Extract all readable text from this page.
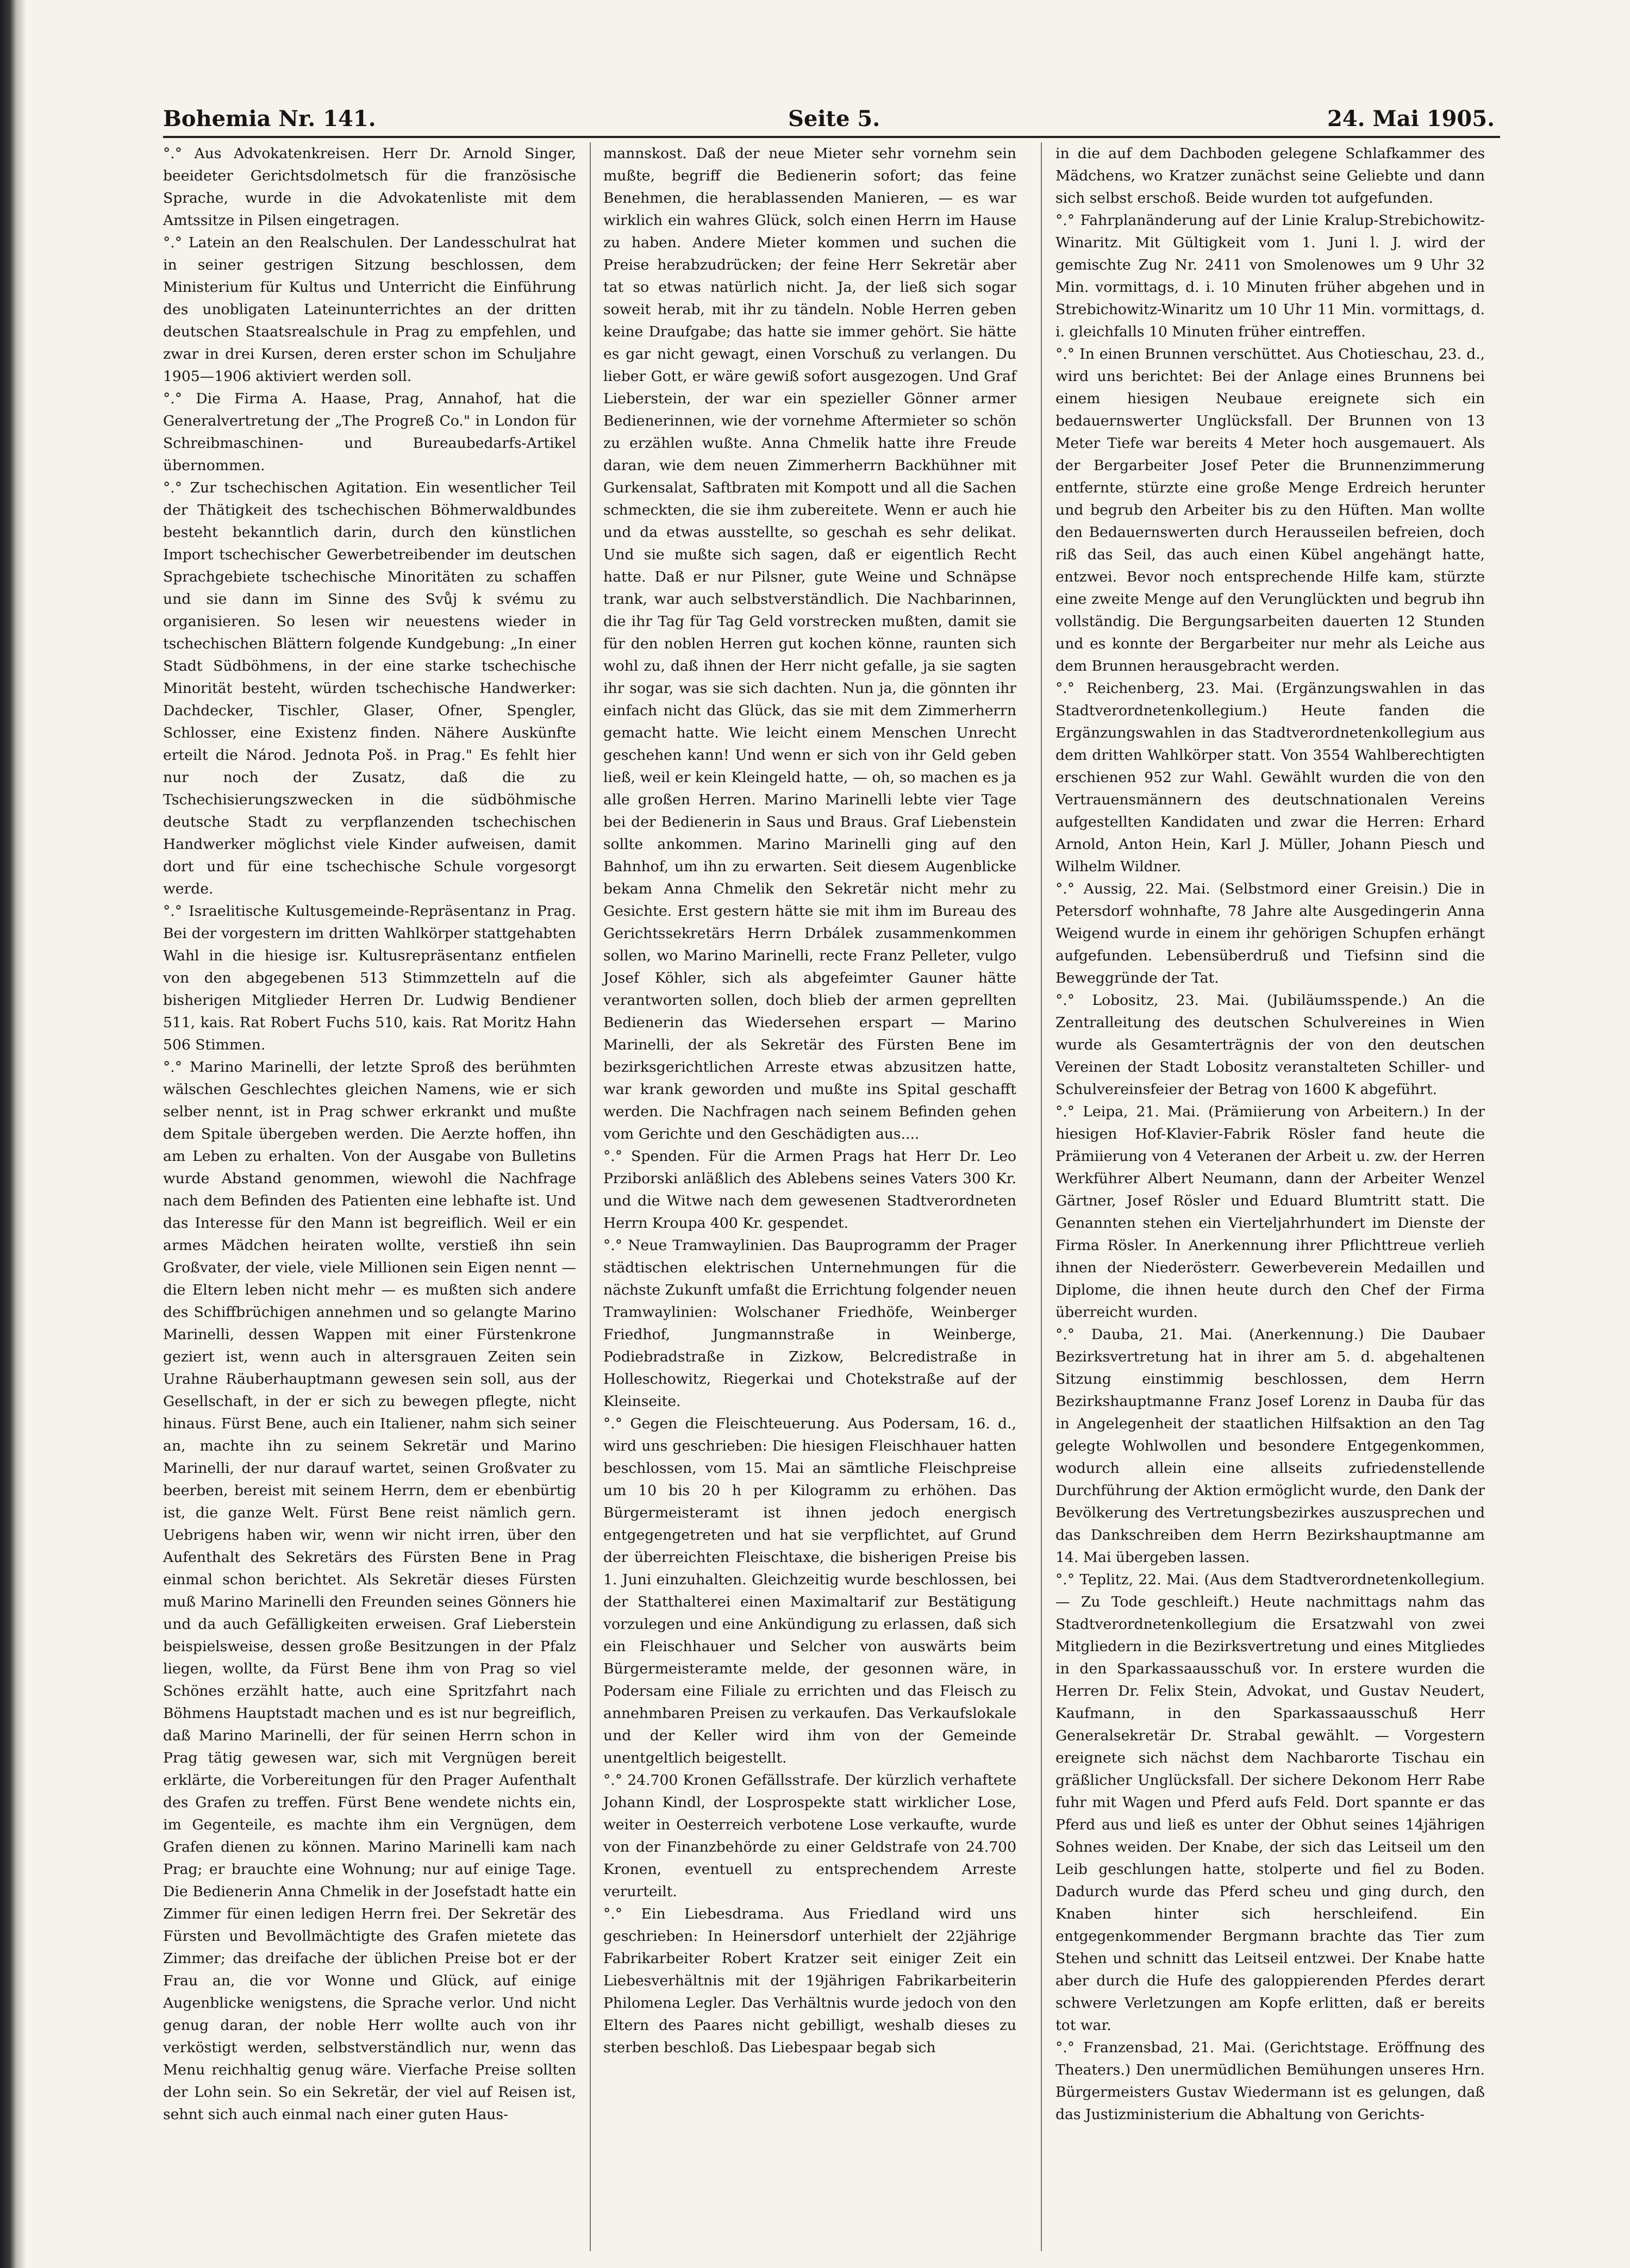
Bohemia Nr. 141.	Seite 5.	24. Mai 1905.

°.° Aus Advokatenkreisen. Herr Dr. Arnold Singer, beeideter Gerichtsdolmetsch für die französische Sprache, wurde in die Advokatenliste mit dem Amtssitze in Pilsen eingetragen.

°.° Latein an den Realschulen. Der Landesschulrat hat in seiner gestrigen Sitzung beschlossen, dem Ministerium für Kultus und Unterricht die Einführung des unobligaten Lateinunterrichtes an der dritten deutschen Staatsrealschule in Prag zu empfehlen, und zwar in drei Kursen, deren erster schon im Schuljahre 1905—1906 aktiviert werden soll.

°.° Die Firma A. Haase, Prag, Annahof, hat die Generalvertretung der „The Progreß Co." in London für Schreibmaschinen- und Bureaubedarfs-Artikel übernommen.

°.° Zur tschechischen Agitation. Ein wesentlicher Teil der Thätigkeit des tschechischen Böhmerwaldbundes besteht bekanntlich darin, durch den künstlichen Import tschechischer Gewerbetreibender im deutschen Sprachgebiete tschechische Minoritäten zu schaffen und sie dann im Sinne des Svůj k svému zu organisieren. So lesen wir neuestens wieder in tschechischen Blättern folgende Kundgebung: „In einer Stadt Südböhmens, in der eine starke tschechische Minorität besteht, würden tschechische Handwerker: Dachdecker, Tischler, Glaser, Ofner, Spengler, Schlosser, eine Existenz finden. Nähere Auskünfte erteilt die Národ. Jednota Poš. in Prag." Es fehlt hier nur noch der Zusatz, daß die zu Tschechisierungszwecken in die südböhmische deutsche Stadt zu verpflanzenden tschechischen Handwerker möglichst viele Kinder aufweisen, damit dort und für eine tschechische Schule vorgesorgt werde.

°.° Israelitische Kultusgemeinde-Repräsentanz in Prag. Bei der vorgestern im dritten Wahlkörper stattgehabten Wahl in die hiesige isr. Kultusrepräsentanz entfielen von den abgegebenen 513 Stimmzetteln auf die bisherigen Mitglieder Herren Dr. Ludwig Bendiener 511, kais. Rat Robert Fuchs 510, kais. Rat Moritz Hahn 506 Stimmen.

°.° Marino Marinelli, der letzte Sproß des berühmten wälschen Geschlechtes gleichen Namens, wie er sich selber nennt, ist in Prag schwer erkrankt und mußte dem Spitale übergeben werden. Die Aerzte hoffen, ihn am Leben zu erhalten. Von der Ausgabe von Bulletins wurde Abstand genommen, wiewohl die Nachfrage nach dem Befinden des Patienten eine lebhafte ist. Und das Interesse für den Mann ist begreiflich. Weil er ein armes Mädchen heiraten wollte, verstieß ihn sein Großvater, der viele, viele Millionen sein Eigen nennt — die Eltern leben nicht mehr — es mußten sich andere des Schiffbrüchigen annehmen und so gelangte Marino Marinelli, dessen Wappen mit einer Fürstenkrone geziert ist, wenn auch in altersgrauen Zeiten sein Urahne Räuberhauptmann gewesen sein soll, aus der Gesellschaft, in der er sich zu bewegen pflegte, nicht hinaus. Fürst Bene, auch ein Italiener, nahm sich seiner an, machte ihn zu seinem Sekretär und Marino Marinelli, der nur darauf wartet, seinen Großvater zu beerben, bereist mit seinem Herrn, dem er ebenbürtig ist, die ganze Welt. Fürst Bene reist nämlich gern. Uebrigens haben wir, wenn wir nicht irren, über den Aufenthalt des Sekretärs des Fürsten Bene in Prag einmal schon berichtet. Als Sekretär dieses Fürsten muß Marino Marinelli den Freunden seines Gönners hie und da auch Gefälligkeiten erweisen. Graf Lieberstein beispielsweise, dessen große Besitzungen in der Pfalz liegen, wollte, da Fürst Bene ihm von Prag so viel Schönes erzählt hatte, auch eine Spritzfahrt nach Böhmens Hauptstadt machen und es ist nur begreiflich, daß Marino Marinelli, der für seinen Herrn schon in Prag tätig gewesen war, sich mit Vergnügen bereit erklärte, die Vorbereitungen für den Prager Aufenthalt des Grafen zu treffen. Fürst Bene wendete nichts ein, im Gegenteile, es machte ihm ein Vergnügen, dem Grafen dienen zu können. Marino Marinelli kam nach Prag; er brauchte eine Wohnung; nur auf einige Tage. Die Bedienerin Anna Chmelik in der Josefstadt hatte ein Zimmer für einen ledigen Herrn frei. Der Sekretär des Fürsten und Bevollmächtigte des Grafen mietete das Zimmer; das dreifache der üblichen Preise bot er der Frau an, die vor Wonne und Glück, auf einige Augenblicke wenigstens, die Sprache verlor. Und nicht genug daran, der noble Herr wollte auch von ihr verköstigt werden, selbstverständlich nur, wenn das Menu reichhaltig genug wäre. Vierfache Preise sollten der Lohn sein. So ein Sekretär, der viel auf Reisen ist, sehnt sich auch einmal nach einer guten Haus-

mannskost. Daß der neue Mieter sehr vornehm sein mußte, begriff die Bedienerin sofort; das feine Benehmen, die herablassenden Manieren, — es war wirklich ein wahres Glück, solch einen Herrn im Hause zu haben. Andere Mieter kommen und suchen die Preise herabzudrücken; der feine Herr Sekretär aber tat so etwas natürlich nicht. Ja, der ließ sich sogar soweit herab, mit ihr zu tändeln. Noble Herren geben keine Draufgabe; das hatte sie immer gehört. Sie hätte es gar nicht gewagt, einen Vorschuß zu verlangen. Du lieber Gott, er wäre gewiß sofort ausgezogen. Und Graf Lieberstein, der war ein spezieller Gönner armer Bedienerinnen, wie der vornehme Aftermieter so schön zu erzählen wußte. Anna Chmelik hatte ihre Freude daran, wie dem neuen Zimmerherrn Backhühner mit Gurkensalat, Saftbraten mit Kompott und all die Sachen schmeckten, die sie ihm zubereitete. Wenn er auch hie und da etwas ausstellte, so geschah es sehr delikat. Und sie mußte sich sagen, daß er eigentlich Recht hatte. Daß er nur Pilsner, gute Weine und Schnäpse trank, war auch selbstverständlich. Die Nachbarinnen, die ihr Tag für Tag Geld vorstrecken mußten, damit sie für den noblen Herren gut kochen könne, raunten sich wohl zu, daß ihnen der Herr nicht gefalle, ja sie sagten ihr sogar, was sie sich dachten. Nun ja, die gönnten ihr einfach nicht das Glück, das sie mit dem Zimmerherrn gemacht hatte. Wie leicht einem Menschen Unrecht geschehen kann! Und wenn er sich von ihr Geld geben ließ, weil er kein Kleingeld hatte, — oh, so machen es ja alle großen Herren. Marino Marinelli lebte vier Tage bei der Bedienerin in Saus und Braus. Graf Liebenstein sollte ankommen. Marino Marinelli ging auf den Bahnhof, um ihn zu erwarten. Seit diesem Augenblicke bekam Anna Chmelik den Sekretär nicht mehr zu Gesichte. Erst gestern hätte sie mit ihm im Bureau des Gerichtssekretärs Herrn Drbálek zusammenkommen sollen, wo Marino Marinelli, recte Franz Pelleter, vulgo Josef Köhler, sich als abgefeimter Gauner hätte verantworten sollen, doch blieb der armen geprellten Bedienerin das Wiedersehen erspart — Marino Marinelli, der als Sekretär des Fürsten Bene im bezirksgerichtlichen Arreste etwas abzusitzen hatte, war krank geworden und mußte ins Spital geschafft werden. Die Nachfragen nach seinem Befinden gehen vom Gerichte und den Geschädigten aus....

°.° Spenden. Für die Armen Prags hat Herr Dr. Leo Prziborski anläßlich des Ablebens seines Vaters 300 Kr. und die Witwe nach dem gewesenen Stadtverordneten Herrn Kroupa 400 Kr. gespendet.

°.° Neue Tramwaylinien. Das Bauprogramm der Prager städtischen elektrischen Unternehmungen für die nächste Zukunft umfaßt die Errichtung folgender neuen Tramwaylinien: Wolschaner Friedhöfe, Weinberger Friedhof, Jungmannstraße in Weinberge, Podiebradstraße in Zizkow, Belcredistraße in Holleschowitz, Riegerkai und Chotekstraße auf der Kleinseite.

°.° Gegen die Fleischteuerung. Aus Podersam, 16. d., wird uns geschrieben: Die hiesigen Fleischhauer hatten beschlossen, vom 15. Mai an sämtliche Fleischpreise um 10 bis 20 h per Kilogramm zu erhöhen. Das Bürgermeisteramt ist ihnen jedoch energisch entgegengetreten und hat sie verpflichtet, auf Grund der überreichten Fleischtaxe, die bisherigen Preise bis 1. Juni einzuhalten. Gleichzeitig wurde beschlossen, bei der Statthalterei einen Maximaltarif zur Bestätigung vorzulegen und eine Ankündigung zu erlassen, daß sich ein Fleischhauer und Selcher von auswärts beim Bürgermeisteramte melde, der gesonnen wäre, in Podersam eine Filiale zu errichten und das Fleisch zu annehmbaren Preisen zu verkaufen. Das Verkaufslokale und der Keller wird ihm von der Gemeinde unentgeltlich beigestellt.

°.° 24.700 Kronen Gefällsstrafe. Der kürzlich verhaftete Johann Kindl, der Losprospekte statt wirklicher Lose, weiter in Oesterreich verbotene Lose verkaufte, wurde von der Finanzbehörde zu einer Geldstrafe von 24.700 Kronen, eventuell zu entsprechendem Arreste verurteilt.

°.° Ein Liebesdrama. Aus Friedland wird uns geschrieben: In Heinersdorf unterhielt der 22jährige Fabrikarbeiter Robert Kratzer seit einiger Zeit ein Liebesverhältnis mit der 19jährigen Fabrikarbeiterin Philomena Legler. Das Verhältnis wurde jedoch von den Eltern des Paares nicht gebilligt, weshalb dieses zu sterben beschloß. Das Liebespaar begab sich

in die auf dem Dachboden gelegene Schlafkammer des Mädchens, wo Kratzer zunächst seine Geliebte und dann sich selbst erschoß. Beide wurden tot aufgefunden.

°.° Fahrplanänderung auf der Linie Kralup-Strebichowitz-Winaritz. Mit Gültigkeit vom 1. Juni l. J. wird der gemischte Zug Nr. 2411 von Smolenowes um 9 Uhr 32 Min. vormittags, d. i. 10 Minuten früher abgehen und in Strebichowitz-Winaritz um 10 Uhr 11 Min. vormittags, d. i. gleichfalls 10 Minuten früher eintreffen.

°.° In einen Brunnen verschüttet. Aus Chotieschau, 23. d., wird uns berichtet: Bei der Anlage eines Brunnens bei einem hiesigen Neubaue ereignete sich ein bedauernswerter Unglücksfall. Der Brunnen von 13 Meter Tiefe war bereits 4 Meter hoch ausgemauert. Als der Bergarbeiter Josef Peter die Brunnenzimmerung entfernte, stürzte eine große Menge Erdreich herunter und begrub den Arbeiter bis zu den Hüften. Man wollte den Bedauernswerten durch Herausseilen befreien, doch riß das Seil, das auch einen Kübel angehängt hatte, entzwei. Bevor noch entsprechende Hilfe kam, stürzte eine zweite Menge auf den Verunglückten und begrub ihn vollständig. Die Bergungsarbeiten dauerten 12 Stunden und es konnte der Bergarbeiter nur mehr als Leiche aus dem Brunnen herausgebracht werden.

°.° Reichenberg, 23. Mai. (Ergänzungswahlen in das Stadtverordnetenkollegium.) Heute fanden die Ergänzungswahlen in das Stadtverordnetenkollegium aus dem dritten Wahlkörper statt. Von 3554 Wahlberechtigten erschienen 952 zur Wahl. Gewählt wurden die von den Vertrauensmännern des deutschnationalen Vereins aufgestellten Kandidaten und zwar die Herren: Erhard Arnold, Anton Hein, Karl J. Müller, Johann Piesch und Wilhelm Wildner.

°.° Aussig, 22. Mai. (Selbstmord einer Greisin.) Die in Petersdorf wohnhafte, 78 Jahre alte Ausgedingerin Anna Weigend wurde in einem ihr gehörigen Schupfen erhängt aufgefunden. Lebensüberdruß und Tiefsinn sind die Beweggründe der Tat.

°.° Lobositz, 23. Mai. (Jubiläumsspende.) An die Zentralleitung des deutschen Schulvereines in Wien wurde als Gesamterträgnis der von den deutschen Vereinen der Stadt Lobositz veranstalteten Schiller- und Schulvereinsfeier der Betrag von 1600 K abgeführt.

°.° Leipa, 21. Mai. (Prämiierung von Arbeitern.) In der hiesigen Hof-Klavier-Fabrik Rösler fand heute die Prämiierung von 4 Veteranen der Arbeit u. zw. der Herren Werkführer Albert Neumann, dann der Arbeiter Wenzel Gärtner, Josef Rösler und Eduard Blumtritt statt. Die Genannten stehen ein Vierteljahrhundert im Dienste der Firma Rösler. In Anerkennung ihrer Pflichttreue verlieh ihnen der Niederösterr. Gewerbeverein Medaillen und Diplome, die ihnen heute durch den Chef der Firma überreicht wurden.

°.° Dauba, 21. Mai. (Anerkennung.) Die Daubaer Bezirksvertretung hat in ihrer am 5. d. abgehaltenen Sitzung einstimmig beschlossen, dem Herrn Bezirkshauptmanne Franz Josef Lorenz in Dauba für das in Angelegenheit der staatlichen Hilfsaktion an den Tag gelegte Wohlwollen und besondere Entgegenkommen, wodurch allein eine allseits zufriedenstellende Durchführung der Aktion ermöglicht wurde, den Dank der Bevölkerung des Vertretungsbezirkes auszusprechen und das Dankschreiben dem Herrn Bezirkshauptmanne am 14. Mai übergeben lassen.

°.° Teplitz, 22. Mai. (Aus dem Stadtverordnetenkollegium. — Zu Tode geschleift.) Heute nachmittags nahm das Stadtverordnetenkollegium die Ersatzwahl von zwei Mitgliedern in die Bezirksvertretung und eines Mitgliedes in den Sparkassaausschuß vor. In erstere wurden die Herren Dr. Felix Stein, Advokat, und Gustav Neudert, Kaufmann, in den Sparkassaausschuß Herr Generalsekretär Dr. Strabal gewählt. — Vorgestern ereignete sich nächst dem Nachbarorte Tischau ein gräßlicher Unglücksfall. Der sichere Dekonom Herr Rabe fuhr mit Wagen und Pferd aufs Feld. Dort spannte er das Pferd aus und ließ es unter der Obhut seines 14jährigen Sohnes weiden. Der Knabe, der sich das Leitseil um den Leib geschlungen hatte, stolperte und fiel zu Boden. Dadurch wurde das Pferd scheu und ging durch, den Knaben hinter sich herschleifend. Ein entgegenkommender Bergmann brachte das Tier zum Stehen und schnitt das Leitseil entzwei. Der Knabe hatte aber durch die Hufe des galoppierenden Pferdes derart schwere Verletzungen am Kopfe erlitten, daß er bereits tot war.

°.° Franzensbad, 21. Mai. (Gerichtstage. Eröffnung des Theaters.) Den unermüdlichen Bemühungen unseres Hrn. Bürgermeisters Gustav Wiedermann ist es gelungen, daß das Justizministerium die Abhaltung von Gerichts-
